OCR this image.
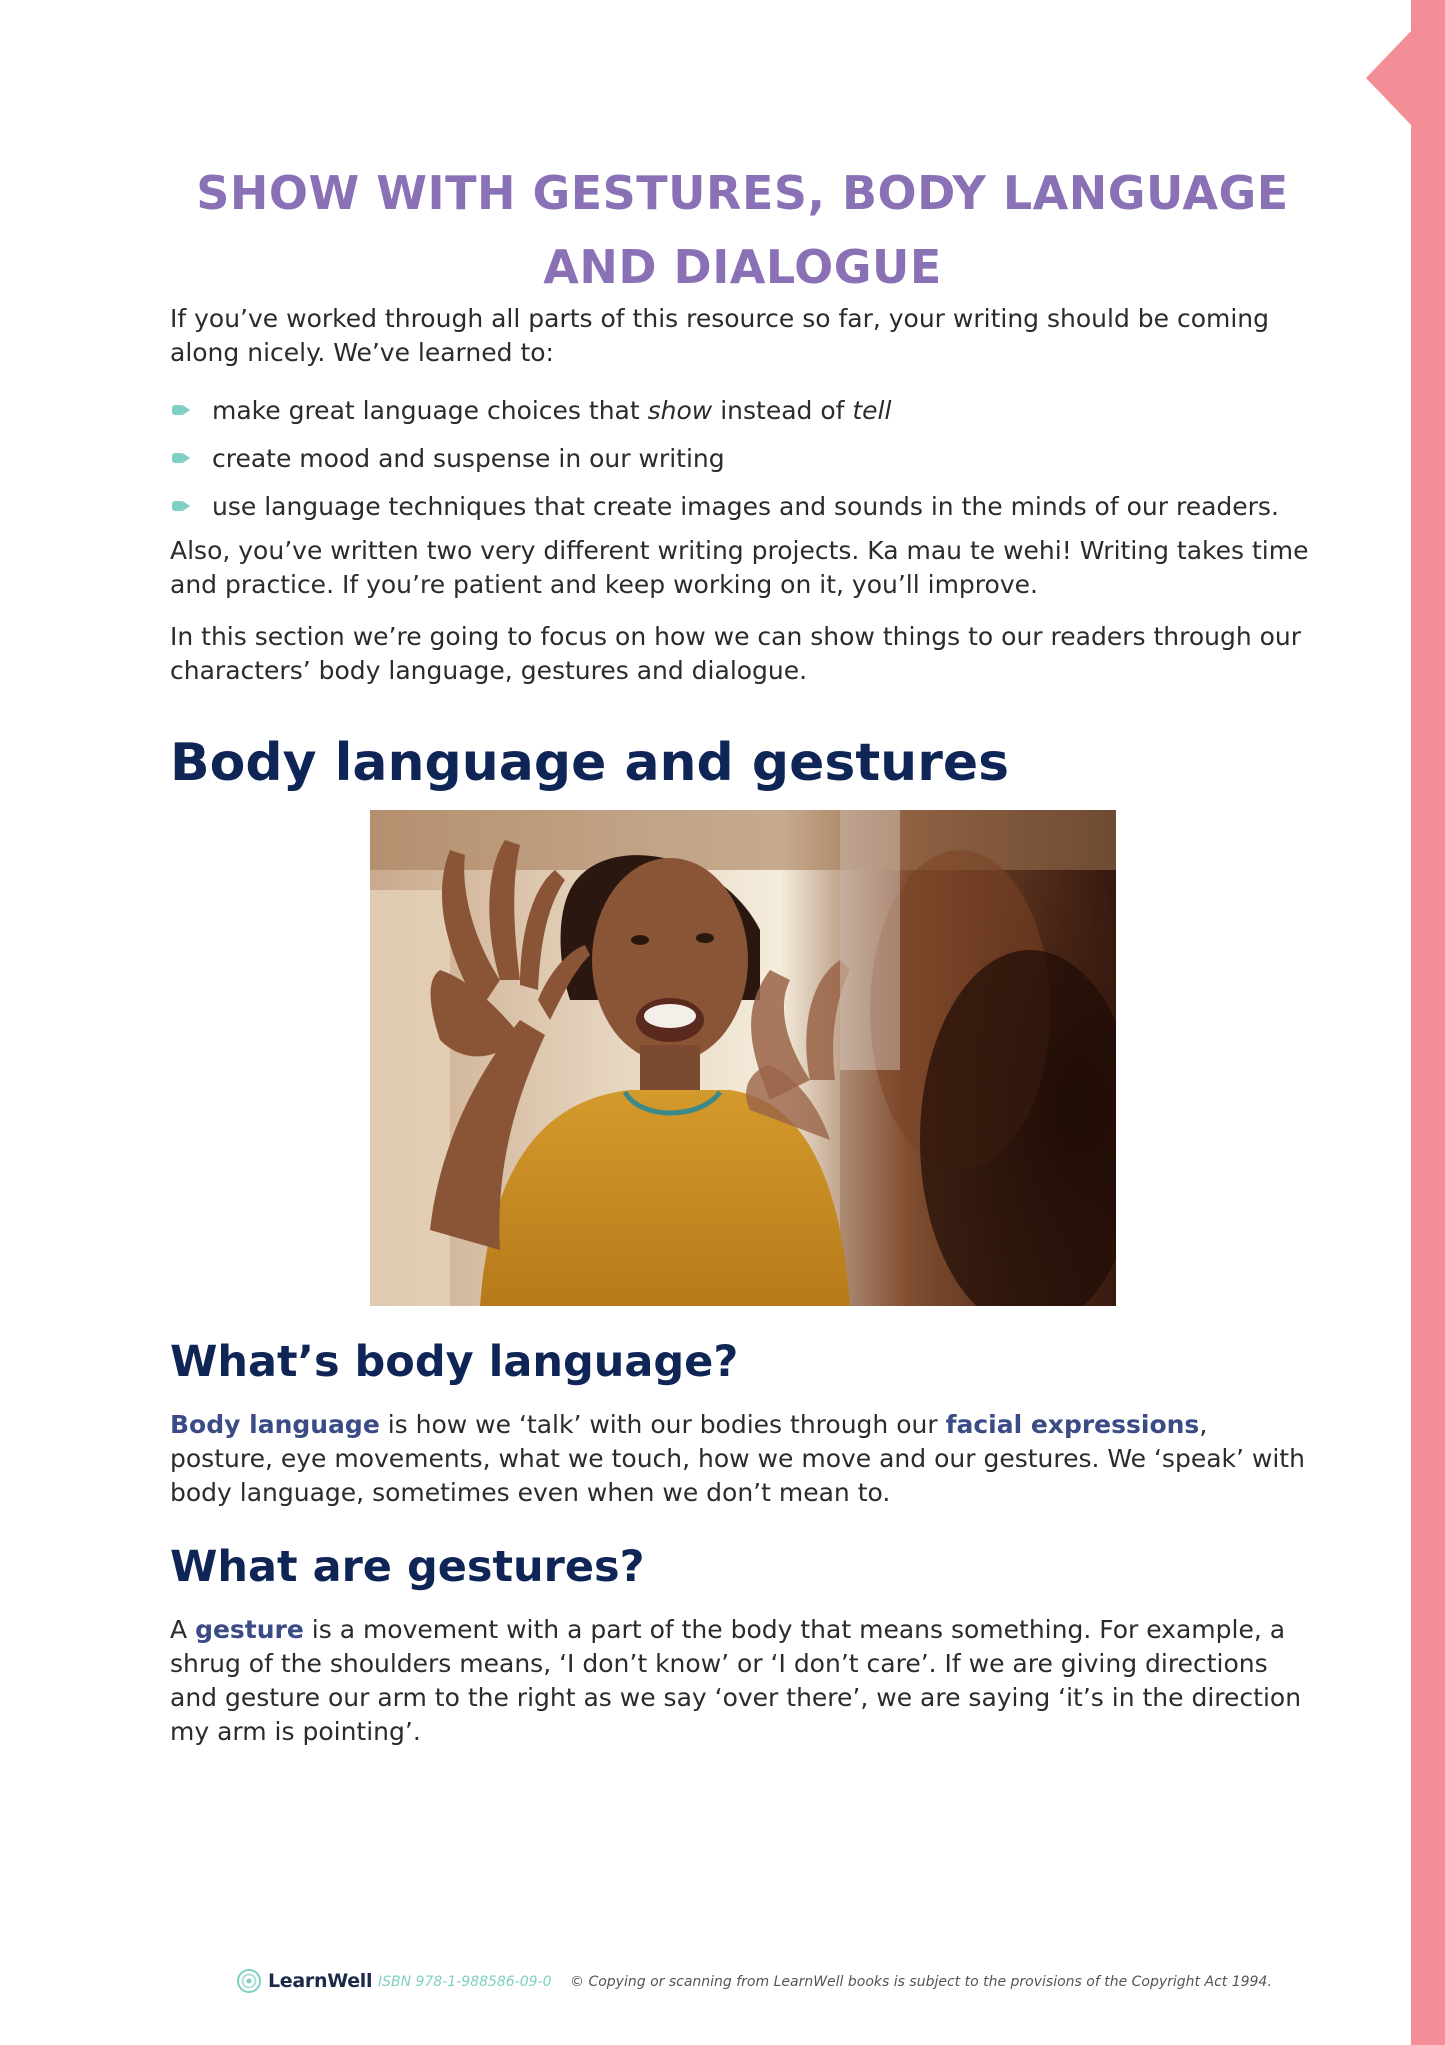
SHOW WITH GESTURES, BODY LANGUAGE
AND DIALOGUE

If you’ve worked through all parts of this resource so far, your writing should be coming along nicely. We’ve learned to:

make great language choices that show instead of tell
create mood and suspense in our writing
use language techniques that create images and sounds in the minds of our readers.

Also, you’ve written two very different writing projects. Ka mau te wehi! Writing takes time and practice. If you’re patient and keep working on it, you’ll improve.

In this section we’re going to focus on how we can show things to our readers through our characters’ body language, gestures and dialogue.

Body language and gestures
What’s body language?

Body language is how we ‘talk’ with our bodies through our facial expressions, posture, eye movements, what we touch, how we move and our gestures. We ‘speak’ with body language, sometimes even when we don’t mean to.

What are gestures?

A gesture is a movement with a part of the body that means something. For example, a shrug of the shoulders means, ‘I don’t know’ or ‘I don’t care’. If we are giving directions and gesture our arm to the right as we say ‘over there’, we are saying ‘it’s in the direction my arm is pointing’.

LearnWell ISBN 978-1-988586-09-0 © Copying or scanning from LearnWell books is subject to the provisions of the Copyright Act 1994.
